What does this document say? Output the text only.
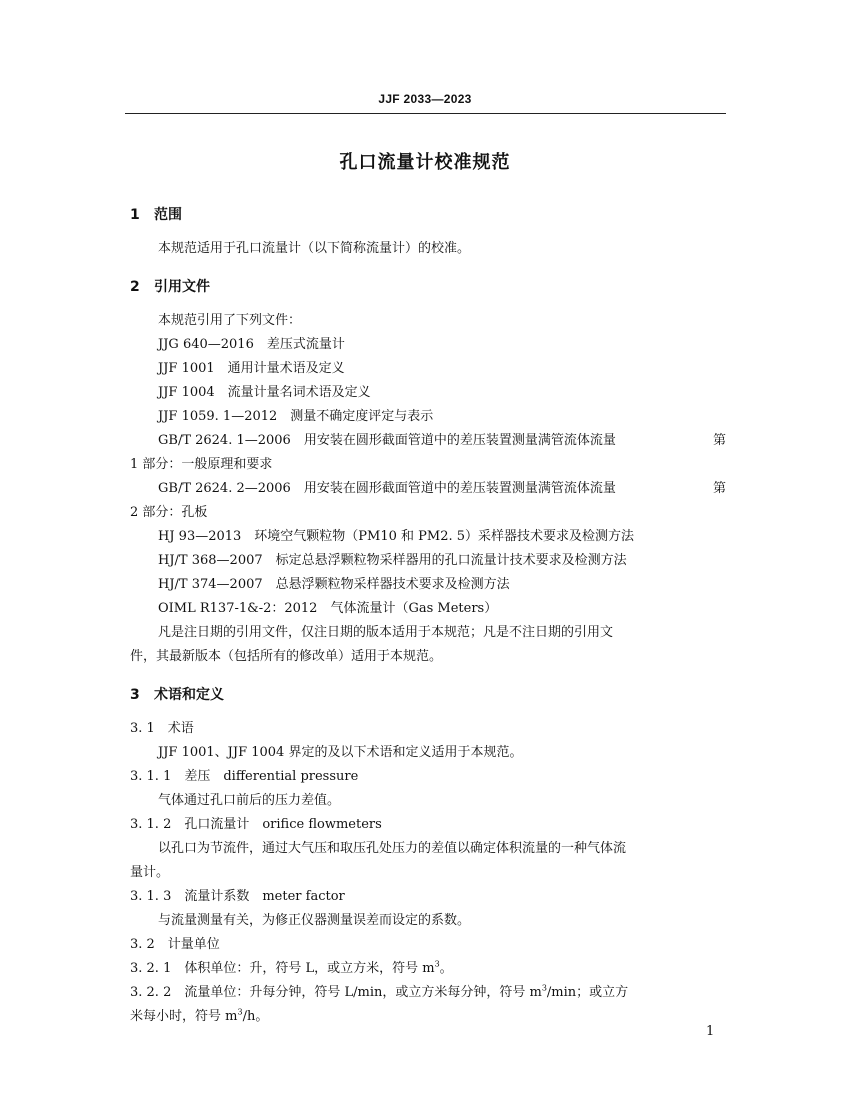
JJF 2033—2023
孔口流量计校准规范
1 范围
本规范适用于孔口流量计（以下简称流量计）的校准。
2 引用文件
本规范引用了下列文件：
JJG 640—2016　差压式流量计
JJF 1001　通用计量术语及定义
JJF 1004　流量计量名词术语及定义
JJF 1059. 1—2012　测量不确定度评定与表示
GB/T 2624. 1—2006　用安装在圆形截面管道中的差压装置测量满管流体流量	第
1 部分：一般原理和要求
GB/T 2624. 2—2006　用安装在圆形截面管道中的差压装置测量满管流体流量	第
2 部分：孔板
HJ 93—2013　环境空气颗粒物（PM10 和 PM2. 5）采样器技术要求及检测方法
HJ/T 368—2007　标定总悬浮颗粒物采样器用的孔口流量计技术要求及检测方法
HJ/T 374—2007　总悬浮颗粒物采样器技术要求及检测方法
OIML R137-1&-2：2012　气体流量计（Gas Meters）
凡是注日期的引用文件，仅注日期的版本适用于本规范；凡是不注日期的引用文
件，其最新版本（包括所有的修改单）适用于本规范。
3 术语和定义
3. 1　术语
JJF 1001、JJF 1004 界定的及以下术语和定义适用于本规范。
3. 1. 1　差压　differential pressure
气体通过孔口前后的压力差值。
3. 1. 2　孔口流量计　orifice flowmeters
以孔口为节流件，通过大气压和取压孔处压力的差值以确定体积流量的一种气体流
量计。
3. 1. 3　流量计系数　meter factor
与流量测量有关，为修正仪器测量误差而设定的系数。
3. 2　计量单位
3. 2. 1　体积单位：升，符号 L，或立方米，符号 $m^3$。
3. 2. 2　流量单位：升每分钟，符号 L/min，或立方米每分钟，符号 $m^3/\min$；或立方
米每小时，符号 $m^3/h$。
1
